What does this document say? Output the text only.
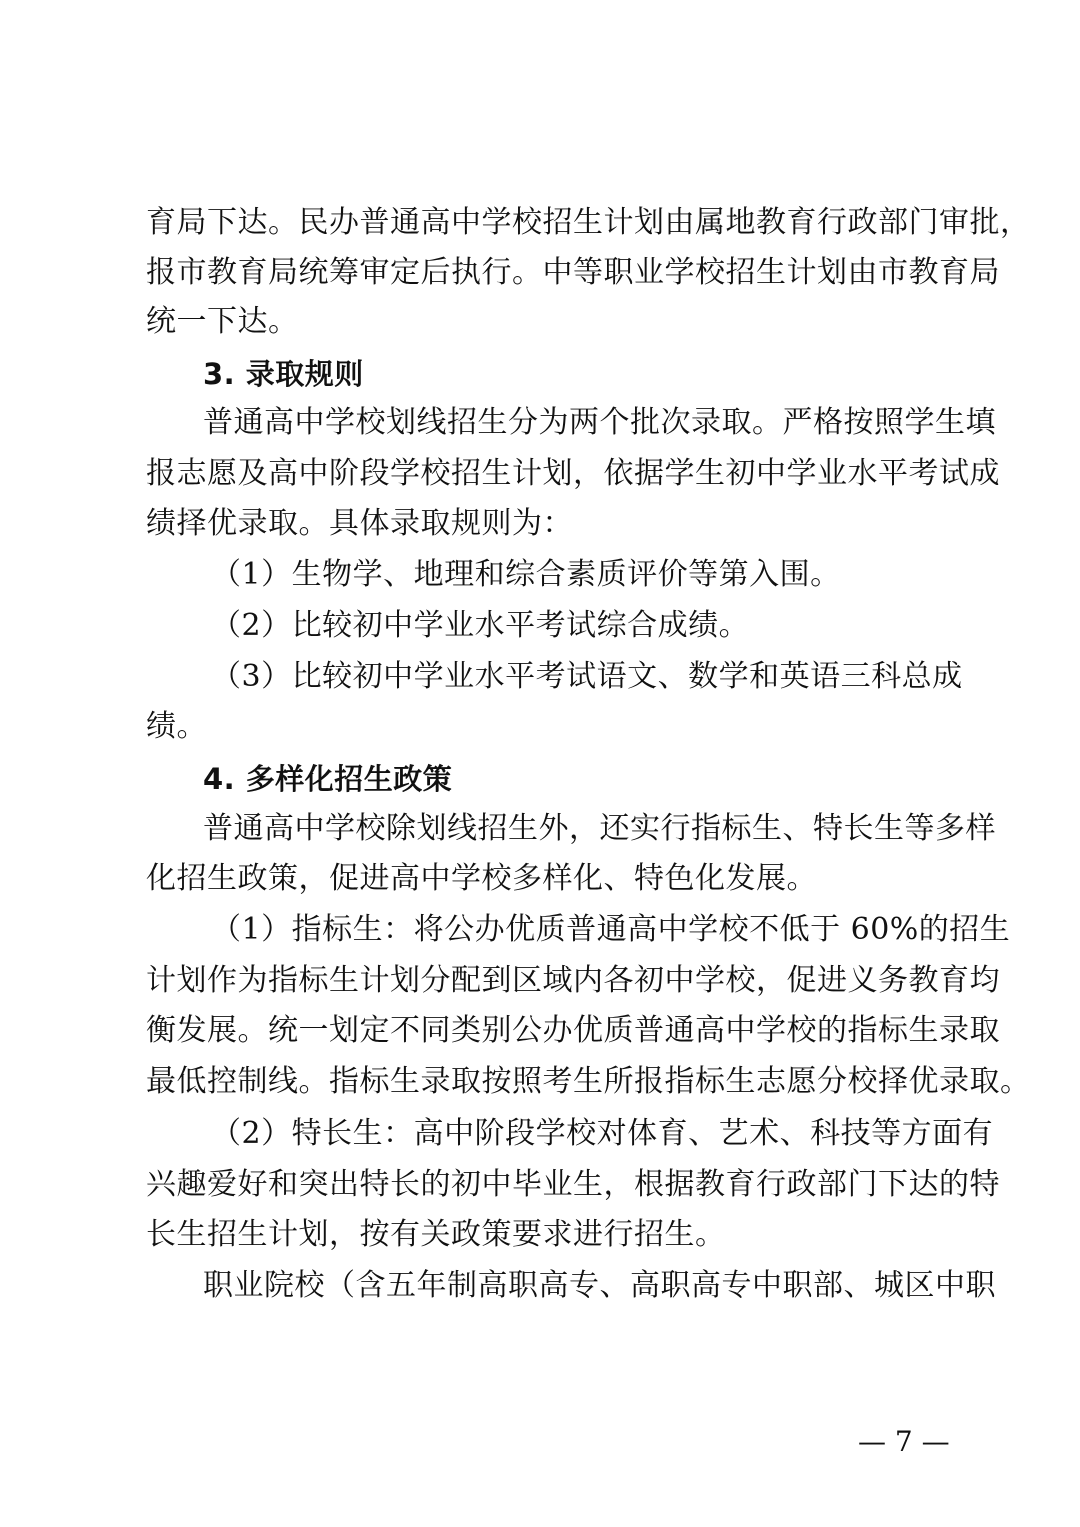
育局下达。民办普通高中学校招生计划由属地教育行政部门审批，
报市教育局统筹审定后执行。中等职业学校招生计划由市教育局
统一下达。
3. 录取规则
普通高中学校划线招生分为两个批次录取。严格按照学生填
报志愿及高中阶段学校招生计划，依据学生初中学业水平考试成
绩择优录取。具体录取规则为：
（1）生物学、地理和综合素质评价等第入围。
（2）比较初中学业水平考试综合成绩。
（3）比较初中学业水平考试语文、数学和英语三科总成
绩。
4. 多样化招生政策
普通高中学校除划线招生外，还实行指标生、特长生等多样
化招生政策，促进高中学校多样化、特色化发展。
（1）指标生：将公办优质普通高中学校不低于 60%的招生
计划作为指标生计划分配到区域内各初中学校，促进义务教育均
衡发展。统一划定不同类别公办优质普通高中学校的指标生录取
最低控制线。指标生录取按照考生所报指标生志愿分校择优录取。
（2）特长生：高中阶段学校对体育、艺术、科技等方面有
兴趣爱好和突出特长的初中毕业生，根据教育行政部门下达的特
长生招生计划，按有关政策要求进行招生。
职业院校（含五年制高职高专、高职高专中职部、城区中职
— 7 —
